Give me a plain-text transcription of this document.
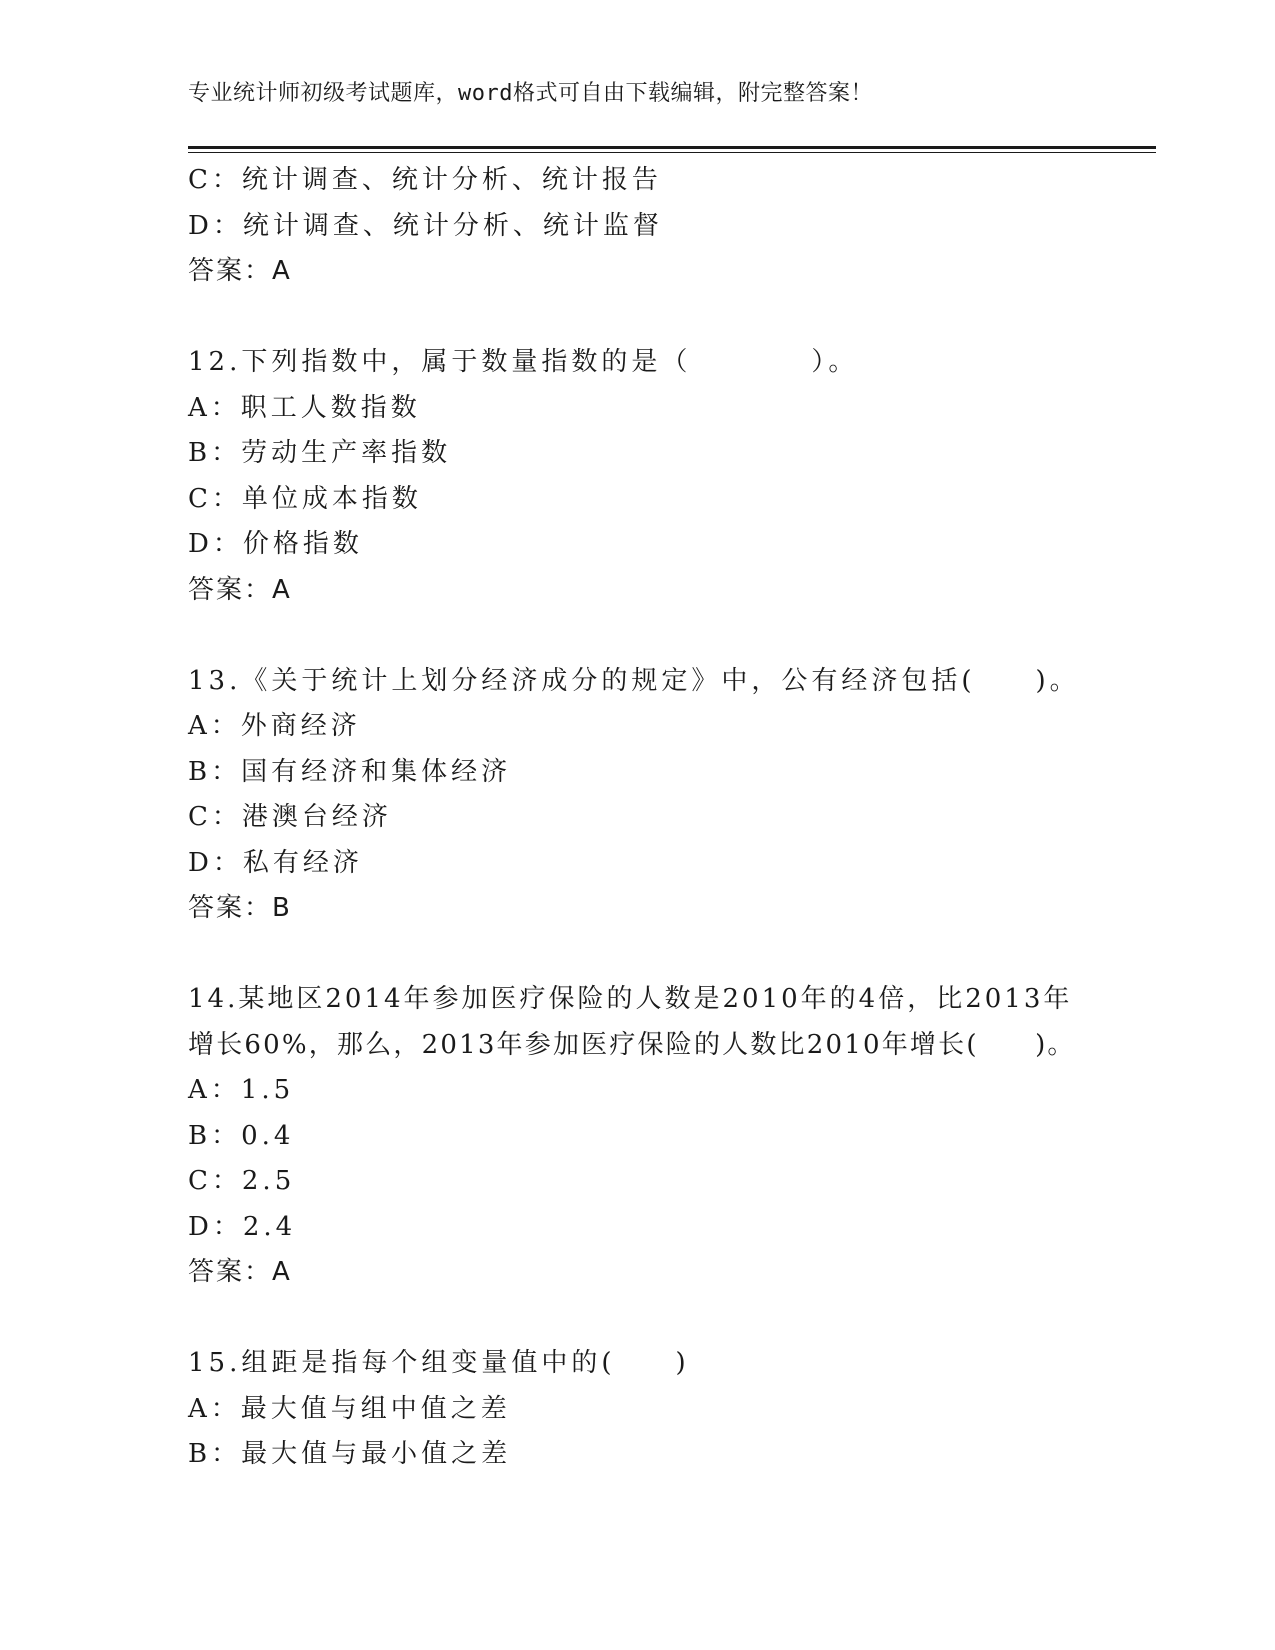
专业统计师初级考试题库，word格式可自由下载编辑，附完整答案！
C：统计调查、统计分析、统计报告
D：统计调查、统计分析、统计监督
答案：A
12.下列指数中，属于数量指数的是（　　　　）。
A：职工人数指数
B：劳动生产率指数
C：单位成本指数
D：价格指数
答案：A
13.《关于统计上划分经济成分的规定》中，公有经济包括(　　)。
A：外商经济
B：国有经济和集体经济
C：港澳台经济
D：私有经济
答案：B
14.某地区2014年参加医疗保险的人数是2010年的4倍，比2013年
增长60%，那么，2013年参加医疗保险的人数比2010年增长(　　)。
A：1.5
B：0.4
C：2.5
D：2.4
答案：A
15.组距是指每个组变量值中的(　　)
A：最大值与组中值之差
B：最大值与最小值之差
